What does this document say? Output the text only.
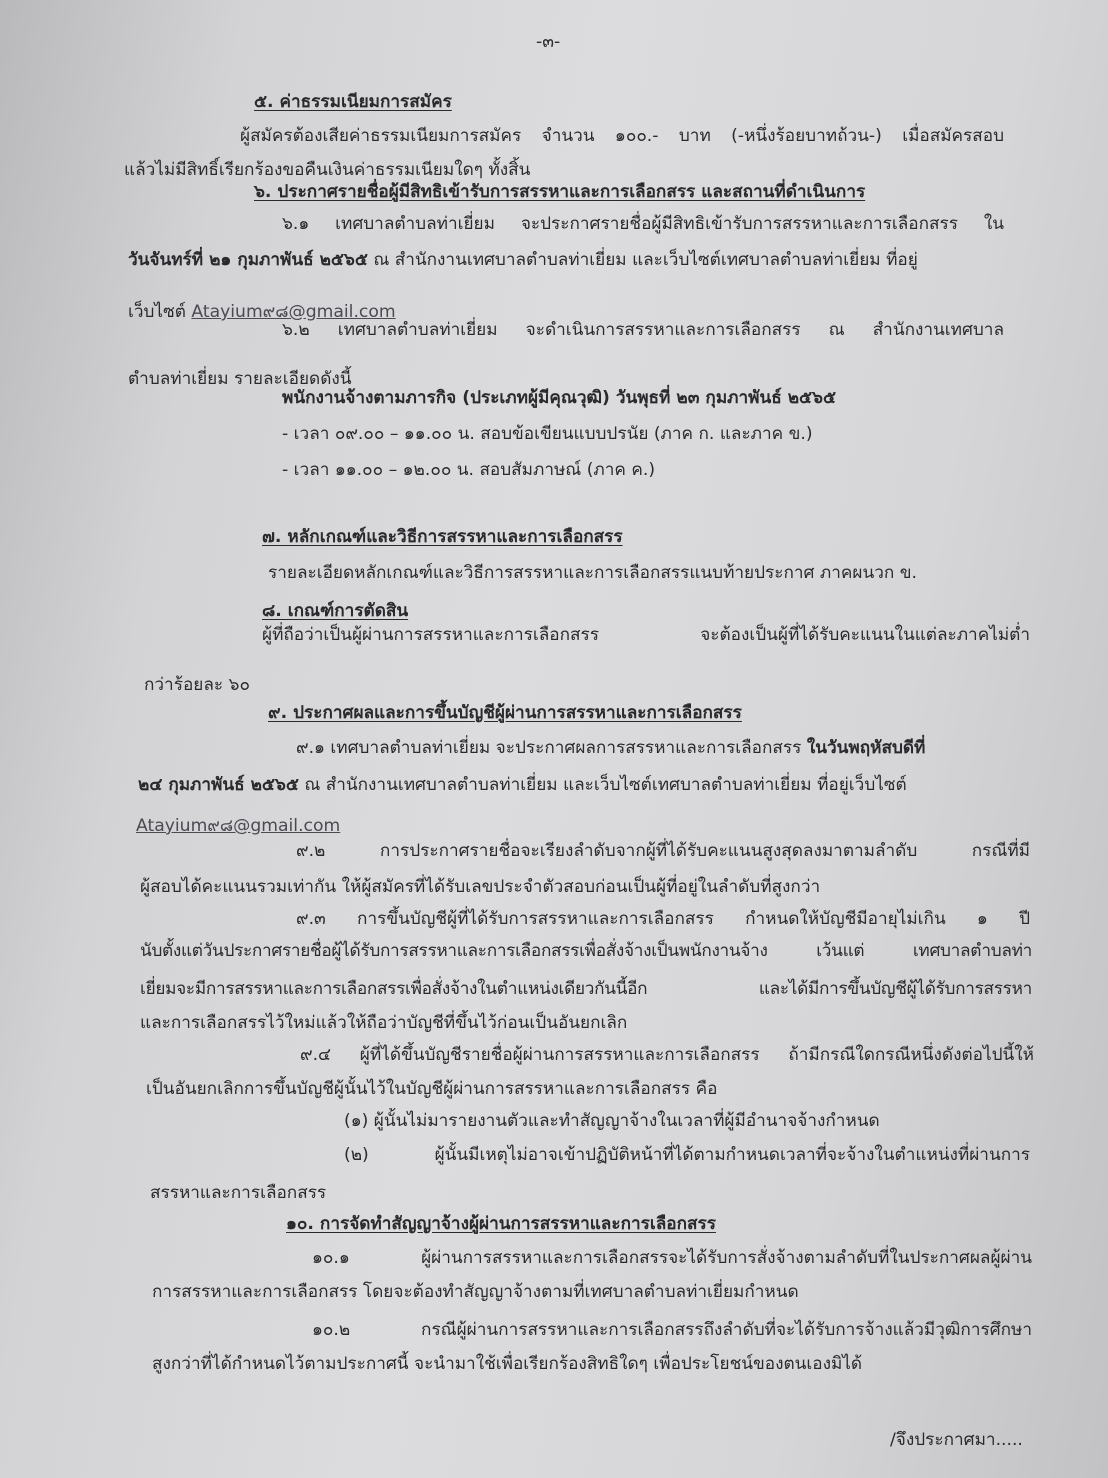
-๓-
๕. ค่าธรรมเนียมการสมัคร
ผู้สมัครต้องเสียค่าธรรมเนียมการสมัคร จำนวน ๑๐๐.- บาท (-หนึ่งร้อยบาทถ้วน-) เมื่อสมัครสอบ
แล้วไม่มีสิทธิ์เรียกร้องขอคืนเงินค่าธรรมเนียมใดๆ ทั้งสิ้น
๖. ประกาศรายชื่อผู้มีสิทธิเข้ารับการสรรหาและการเลือกสรร และสถานที่ดำเนินการ
๖.๑ เทศบาลตำบลท่าเยี่ยม จะประกาศรายชื่อผู้มีสิทธิเข้ารับการสรรหาและการเลือกสรร ใน
วันจันทร์ที่ ๒๑ กุมภาพันธ์ ๒๕๖๕ ณ สำนักงานเทศบาลตำบลท่าเยี่ยม และเว็บไซต์เทศบาลตำบลท่าเยี่ยม ที่อยู่
เว็บไซต์ Atayium๙๘@gmail.com
๖.๒ เทศบาลตำบลท่าเยี่ยม จะดำเนินการสรรหาและการเลือกสรร ณ สำนักงานเทศบาล
ตำบลท่าเยี่ยม รายละเอียดดังนี้
พนักงานจ้างตามภารกิจ (ประเภทผู้มีคุณวุฒิ) วันพุธที่ ๒๓ กุมภาพันธ์ ๒๕๖๕
- เวลา ๐๙.๐๐ – ๑๑.๐๐ น. สอบข้อเขียนแบบปรนัย (ภาค ก. และภาค ข.)
- เวลา ๑๑.๐๐ – ๑๒.๐๐ น. สอบสัมภาษณ์ (ภาค ค.)
๗. หลักเกณฑ์และวิธีการสรรหาและการเลือกสรร
รายละเอียดหลักเกณฑ์และวิธีการสรรหาและการเลือกสรรแนบท้ายประกาศ ภาคผนวก ข.
๘. เกณฑ์การตัดสิน
ผู้ที่ถือว่าเป็นผู้ผ่านการสรรหาและการเลือกสรร จะต้องเป็นผู้ที่ได้รับคะแนนในแต่ละภาคไม่ต่ำ
กว่าร้อยละ ๖๐
๙. ประกาศผลและการขึ้นบัญชีผู้ผ่านการสรรหาและการเลือกสรร
๙.๑ เทศบาลตำบลท่าเยี่ยม จะประกาศผลการสรรหาและการเลือกสรร ในวันพฤหัสบดีที่
๒๔ กุมภาพันธ์ ๒๕๖๕ ณ สำนักงานเทศบาลตำบลท่าเยี่ยม และเว็บไซต์เทศบาลตำบลท่าเยี่ยม ที่อยู่เว็บไซต์
Atayium๙๘@gmail.com
๙.๒ การประกาศรายชื่อจะเรียงลำดับจากผู้ที่ได้รับคะแนนสูงสุดลงมาตามลำดับ กรณีที่มี
ผู้สอบได้คะแนนรวมเท่ากัน ให้ผู้สมัครที่ได้รับเลขประจำตัวสอบก่อนเป็นผู้ที่อยู่ในลำดับที่สูงกว่า
๙.๓ การขึ้นบัญชีผู้ที่ได้รับการสรรหาและการเลือกสรร กำหนดให้บัญชีมีอายุไม่เกิน ๑ ปี
นับตั้งแต่วันประกาศรายชื่อผู้ได้รับการสรรหาและการเลือกสรรเพื่อสั่งจ้างเป็นพนักงานจ้าง เว้นแต่ เทศบาลตำบลท่า
เยี่ยมจะมีการสรรหาและการเลือกสรรเพื่อสั่งจ้างในตำแหน่งเดียวกันนี้อีก และได้มีการขึ้นบัญชีผู้ได้รับการสรรหา
และการเลือกสรรไว้ใหม่แล้วให้ถือว่าบัญชีที่ขึ้นไว้ก่อนเป็นอันยกเลิก
๙.๔ ผู้ที่ได้ขึ้นบัญชีรายชื่อผู้ผ่านการสรรหาและการเลือกสรร ถ้ามีกรณีใดกรณีหนึ่งดังต่อไปนี้ให้
เป็นอันยกเลิกการขึ้นบัญชีผู้นั้นไว้ในบัญชีผู้ผ่านการสรรหาและการเลือกสรร คือ
(๑) ผู้นั้นไม่มารายงานตัวและทำสัญญาจ้างในเวลาที่ผู้มีอำนาจจ้างกำหนด
(๒) ผู้นั้นมีเหตุไม่อาจเข้าปฏิบัติหน้าที่ได้ตามกำหนดเวลาที่จะจ้างในตำแหน่งที่ผ่านการ
สรรหาและการเลือกสรร
๑๐. การจัดทำสัญญาจ้างผู้ผ่านการสรรหาและการเลือกสรร
๑๐.๑ ผู้ผ่านการสรรหาและการเลือกสรรจะได้รับการสั่งจ้างตามลำดับที่ในประกาศผลผู้ผ่าน
การสรรหาและการเลือกสรร โดยจะต้องทำสัญญาจ้างตามที่เทศบาลตำบลท่าเยี่ยมกำหนด
๑๐.๒ กรณีผู้ผ่านการสรรหาและการเลือกสรรถึงลำดับที่จะได้รับการจ้างแล้วมีวุฒิการศึกษา
สูงกว่าที่ได้กำหนดไว้ตามประกาศนี้ จะนำมาใช้เพื่อเรียกร้องสิทธิใดๆ เพื่อประโยชน์ของตนเองมิได้
/จึงประกาศมา.....
